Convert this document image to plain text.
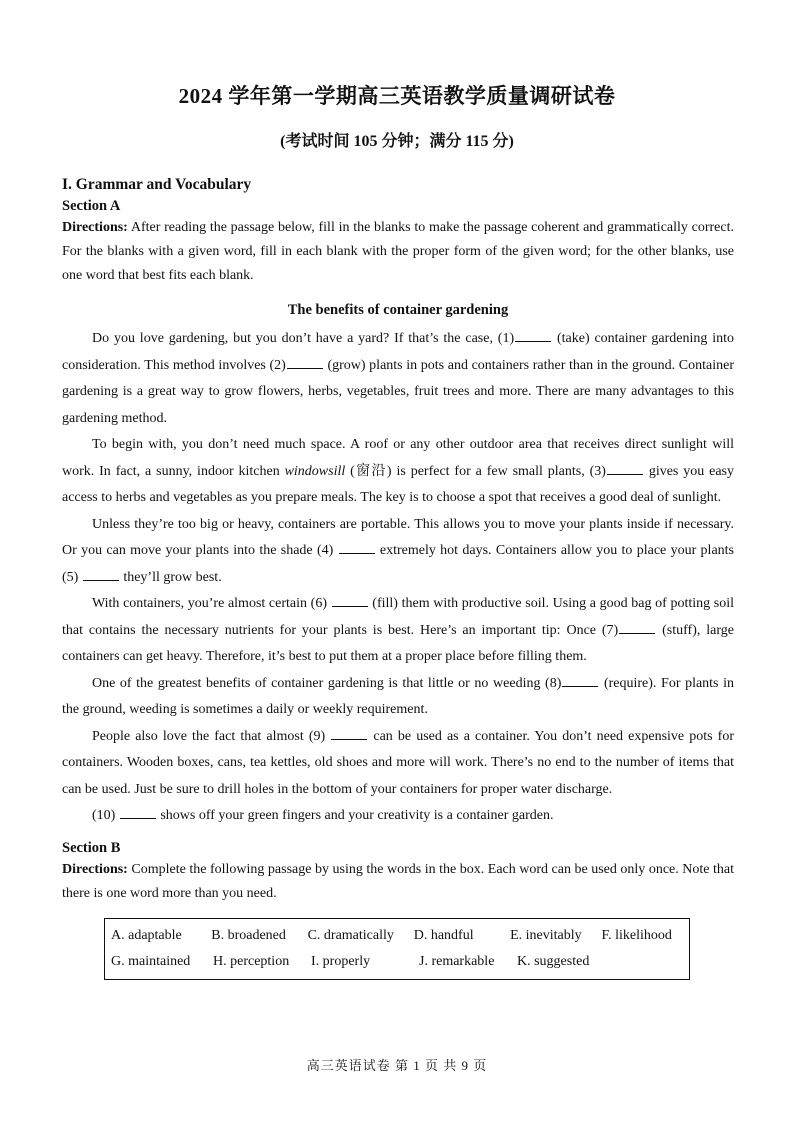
2024 学年第一学期高三英语教学质量调研试卷
(考试时间 105 分钟；满分 115 分)

I. Grammar and Vocabulary

Section A

Directions: After reading the passage below, fill in the blanks to make the passage coherent and grammatically correct. For the blanks with a given word, fill in each blank with the proper form of the given word; for the other blanks, use one word that best fits each blank.

The benefits of container gardening

Do you love gardening, but you don’t have a yard? If that’s the case, (1)	(take) container gardening into consideration. This method involves (2)	(grow) plants in pots and containers rather than in the ground. Container gardening is a great way to grow flowers, herbs, vegetables, fruit trees and more. There are many advantages to this gardening method.

To begin with, you don’t need much space. A roof or any other outdoor area that receives direct sunlight will work. In fact, a sunny, indoor kitchen windowsill (窗沿) is perfect for a few small plants, (3)	gives you easy access to herbs and vegetables as you prepare meals. The key is to choose a spot that receives a good deal of sunlight.

Unless they’re too big or heavy, containers are portable. This allows you to move your plants inside if necessary. Or you can move your plants into the shade (4)	extremely hot days. Containers allow you to place your plants (5)	they’ll grow best.

With containers, you’re almost certain (6)	(fill) them with productive soil. Using a good bag of potting soil that contains the necessary nutrients for your plants is best. Here’s an important tip: Once (7)	(stuff), large containers can get heavy. Therefore, it’s best to put them at a proper place before filling them.

One of the greatest benefits of container gardening is that little or no weeding (8)	(require). For plants in the ground, weeding is sometimes a daily or weekly requirement.

People also love the fact that almost (9)	can be used as a container. You don’t need expensive pots for containers. Wooden boxes, cans, tea kettles, old shoes and more will work. There’s no end to the number of items that can be used. Just be sure to drill holes in the bottom of your containers for proper water discharge.

(10)	shows off your green fingers and your creativity is a container garden.

Section B

Directions: Complete the following passage by using the words in the box. Each word can be used only once. Note that there is one word more than you need.

A. adaptable	B. broadened	C. dramatically	D. handful	E. inevitably	F. likelihood
G. maintained	H. perception	I. properly	J. remarkable	K. suggested
高三英语试卷 第 1 页 共 9 页
